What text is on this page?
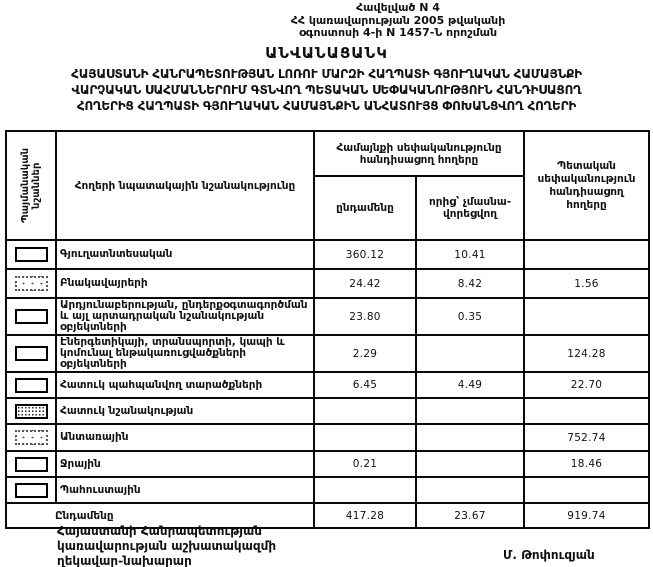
Հավելված N 4
ՀՀ կառավարության 2005 թվականի
օգոստոսի 4-ի N 1457-Ն որոշման
ԱՆՎԱՆԱՑԱՆԿ
ՀԱՅԱՍՏԱՆԻ ՀԱՆՐԱՊԵՏՈՒԹՅԱՆ ԼՈՌՈՒ ՄԱՐԶԻ ՀԱՂՊԱՏԻ ԳՅՈՒՂԱԿԱՆ ՀԱՄԱՅՆՔԻ
ՎԱՐՉԱԿԱՆ ՍԱՀՄԱՆՆԵՐՈՒՄ ԳՏՆՎՈՂ ՊԵՏԱԿԱՆ ՍԵՓԱԿԱՆՈՒԹՅՈՒՆ ՀԱՆԴԻՍԱՑՈՂ
ՀՈՂԵՐԻՑ ՀԱՂՊԱՏԻ ԳՅՈՒՂԱԿԱՆ ՀԱՄԱՅՆՔԻՆ ԱՆՀԱՏՈՒՅՑ ՓՈԽԱՆՑՎՈՂ ՀՈՂԵՐԻ
Պայմանական նշաններ	Հողերի նպատակային նշանակությունը	Համայնքի սեփականությունը հանդիսացող հողերը		Պետական սեփականություն հանդիսացող հողերը
		ընդամենը	որից՝ չմասնա-վորեցվող	

	Գյուղատնտեսական	360.12	10.41	

	Բնակավայրերի	24.42	8.42	1.56

	Արդյունաբերության, ընդերքօգտագործման և այլ արտադրական նշանակության օբյեկտների	23.80	0.35	

	Էներգետիկայի, տրանսպորտի, կապի և կոմունալ ենթակառուցվածքների օբյեկտների	2.29		124.28

	Հատուկ պահպանվող տարածքների	6.45	4.49	22.70

	Հատուկ նշանակության			

	Անտառային			752.74

	Ջրային	0.21		18.46

	Պահուստային			
Ընդամենը		417.28	23.67	919.74
Հայաստանի Հանրապետության
կառավարության աշխատակազմի
ղեկավար-նախարար	Մ. Թոփուզյան
